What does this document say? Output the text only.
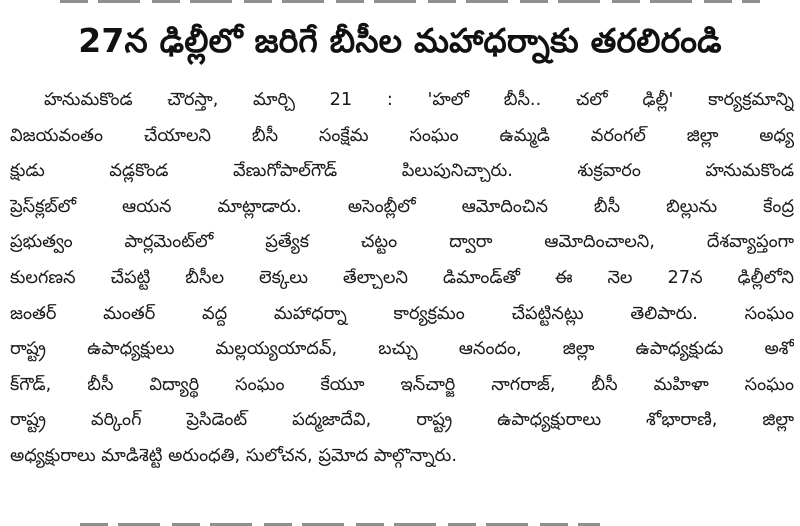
27న ఢిల్లీలో జరిగే బీసీల మహాధర్నాకు తరలిరండి
హనుమకొండ చౌరస్తా, మార్చి 21 : 'హలో బీసీ.. చలో ఢిల్లీ' కార్యక్రమాన్ని
విజయవంతం చేయాలని బీసీ సంక్షేమ సంఘం ఉమ్మడి వరంగల్ జిల్లా అధ్య
క్షుడు వడ్లకొండ వేణుగోపాల్‌గౌడ్ పిలుపునిచ్చారు. శుక్రవారం హనుమకొండ
ప్రెస్‌క్లబ్‌లో ఆయన మాట్లాడారు. అసెంబ్లీలో ఆమోదించిన బీసీ బిల్లును కేంద్ర
ప్రభుత్వం పార్లమెంట్‌లో ప్రత్యేక చట్టం ద్వారా ఆమోదించాలని, దేశవ్యాప్తంగా
కులగణన చేపట్టి బీసీల లెక్కలు తేల్చాలని డిమాండ్‌తో ఈ నెల 27న ఢిల్లీలోని
జంతర్ మంతర్ వద్ద మహాధర్నా కార్యక్రమం చేపట్టినట్లు తెలిపారు. సంఘం
రాష్ట్ర ఉపాధ్యక్షులు మల్లయ్యయాదవ్, బచ్చు ఆనందం, జిల్లా ఉపాధ్యక్షుడు అశో
క్‌గౌడ్, బీసీ విద్యార్థి సంఘం కేయూ ఇన్‌చార్జి నాగరాజ్, బీసీ మహిళా సంఘం
రాష్ట్ర వర్కింగ్ ప్రెసిడెంట్ పద్మజాదేవి, రాష్ట్ర ఉపాధ్యక్షురాలు శోభారాణి, జిల్లా
అధ్యక్షురాలు మాడిశెట్టి అరుంధతి, సులోచన, ప్రమోద పాల్గొన్నారు.
